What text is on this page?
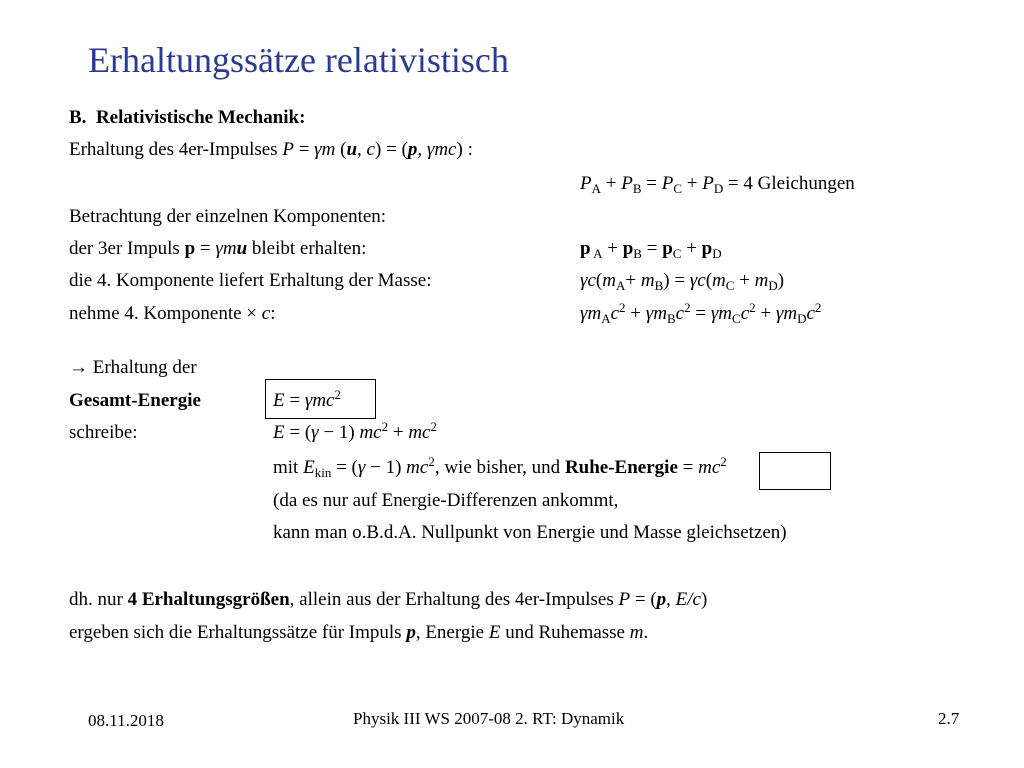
Erhaltungssätze relativistisch
B. Relativistische Mechanik:
Erhaltung des 4er-Impulses P = γm (u, c) = (p, γmc) :
$P_A + P_B = P_C + P_D = 4$ Gleichungen
Betrachtung der einzelnen Komponenten:
der 3er Impuls p = γmu bleibt erhalten:	p $_A + p_B = p_C + p_D$
die 4. Komponente liefert Erhaltung der Masse:	$\gamma c(m_A+ m_B) = \gamma c(m_C + m_D)$
nehme 4. Komponente × c:	$\gamma m_Ac^2 + \gamma m_Bc^2 = \gamma m_Cc^2 + \gamma m_Dc^2$
→ Erhaltung der
Gesamt-Energie	E = γmc$^2$
schreibe:	E = (γ − 1) $mc^2 + mc^2$
mit $E_{kin} = (\gamma - 1)$ $mc^2$, wie bisher, und Ruhe-Energie = $mc^2$
(da es nur auf Energie-Differenzen ankommt,
kann man o.B.d.A. Nullpunkt von Energie und Masse gleichsetzen)
dh. nur 4 Erhaltungsgrößen, allein aus der Erhaltung des 4er-Impulses P = (p, E/c)
ergeben sich die Erhaltungssätze für Impuls p, Energie E und Ruhemasse m.
08.11.2018	Physik III WS 2007-08 2. RT: Dynamik	2.7
